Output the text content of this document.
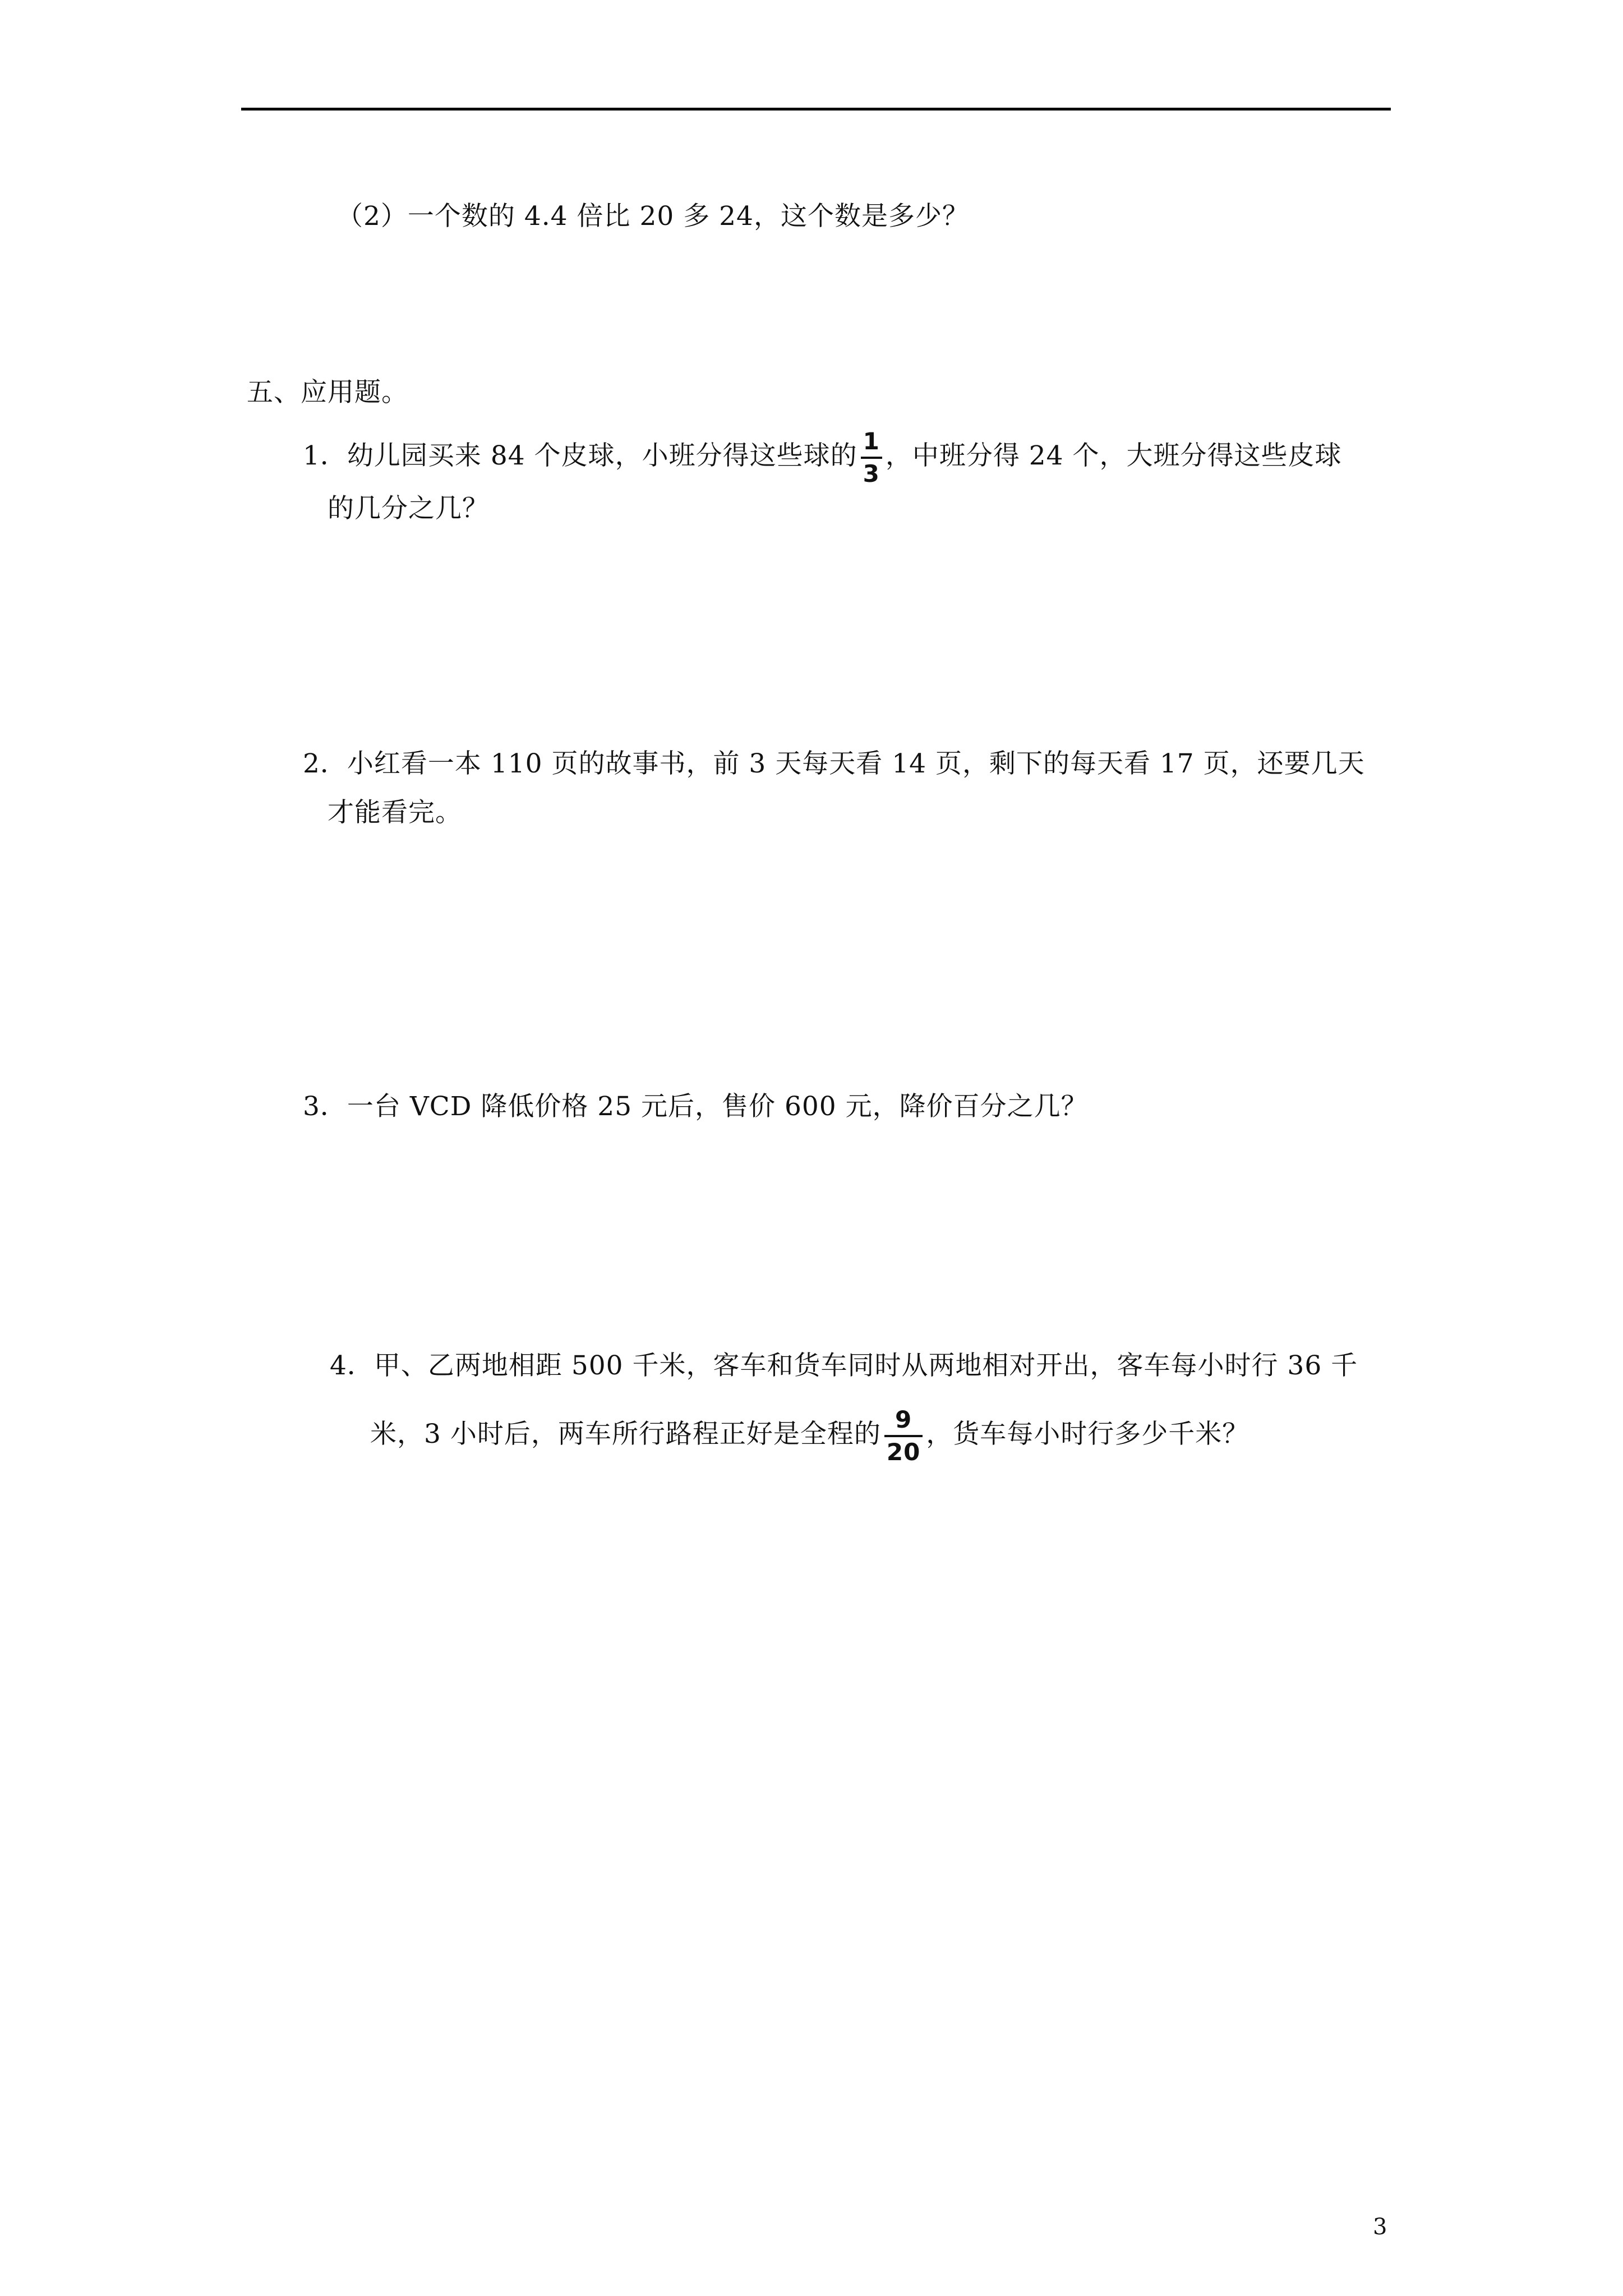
（2）一个数的 4.4 倍比 20 多 24，这个数是多少？
五、应用题。
1．幼儿园买来 84 个皮球，小班分得这些球的 $\frac{1}{3}$ ，中班分得 24 个，大班分得这些皮球
的几分之几？
2．小红看一本 110 页的故事书，前 3 天每天看 14 页，剩下的每天看 17 页，还要几天
才能看完。
3．一台 VCD 降低价格 25 元后，售价 600 元，降价百分之几？
4．甲、乙两地相距 500 千米，客车和货车同时从两地相对开出，客车每小时行 36 千
米，3 小时后，两车所行路程正好是全程的 $\frac{9}{20}$ ，货车每小时行多少千米？
3
